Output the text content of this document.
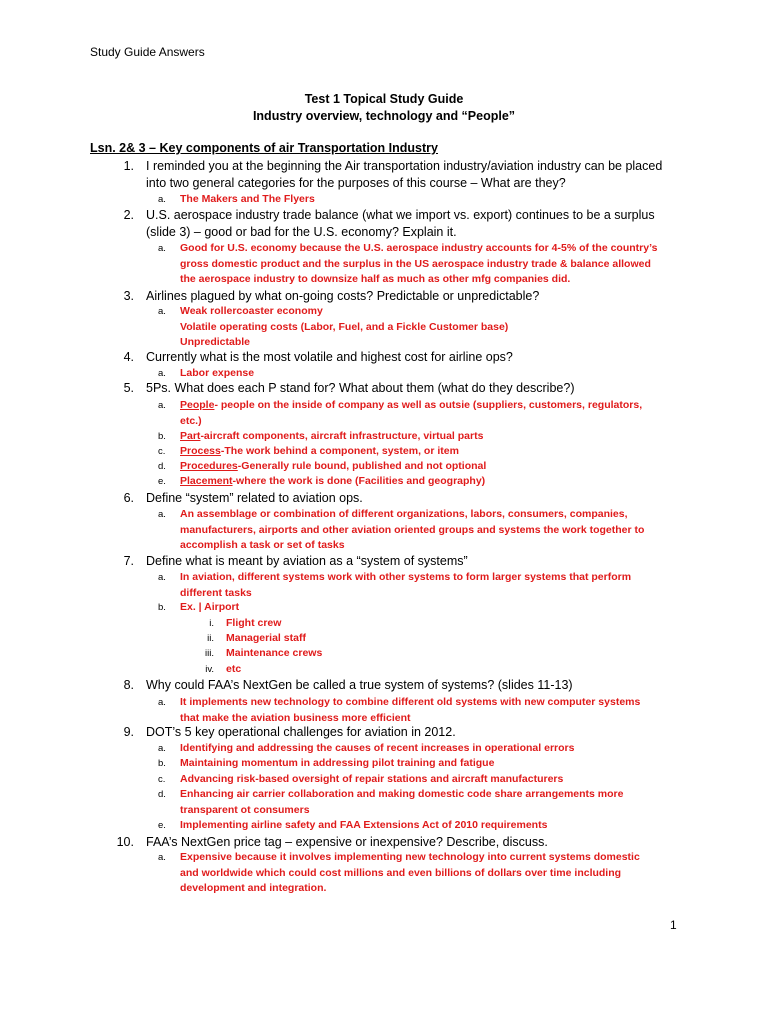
Study Guide Answers
Test 1 Topical Study Guide
Industry overview, technology and “People”
Lsn. 2& 3 – Key components of air Transportation Industry
1. I reminded you at the beginning the Air transportation industry/aviation industry can be placed
into two general categories for the purposes of this course – What are they?
a.	The Makers and The Flyers
2. U.S. aerospace industry trade balance (what we import vs. export) continues to be a surplus
(slide 3) – good or bad for the U.S. economy? Explain it.
a.	Good for U.S. economy because the U.S. aerospace industry accounts for 4-5% of the country’s
gross domestic product and the surplus in the US aerospace industry trade & balance allowed
the aerospace industry to downsize half as much as other mfg companies did.
3. Airlines plagued by what on-going costs? Predictable or unpredictable?
a.	Weak rollercoaster economy
Volatile operating costs (Labor, Fuel, and a Fickle Customer base)
Unpredictable
4. Currently what is the most volatile and highest cost for airline ops?
a.	Labor expense
5. 5Ps. What does each P stand for? What about them (what do they describe?)
a.	People- people on the inside of company as well as outsie (suppliers, customers, regulators,
etc.)
b.	Part-aircraft components, aircraft infrastructure, virtual parts
c.	Process-The work behind a component, system, or item
d.	Procedures-Generally rule bound, published and not optional
e.	Placement-where the work is done (Facilities and geography)
6. Define “system” related to aviation ops.
a.	An assemblage or combination of different organizations, labors, consumers, companies,
manufacturers, airports and other aviation oriented groups and systems the work together to
accomplish a task or set of tasks
7. Define what is meant by aviation as a “system of systems”
a.	In aviation, different systems work with other systems to form larger systems that perform
different tasks
b.	Ex. | Airport
i. Flight crew
ii. Managerial staff
iii. Maintenance crews
iv. etc
8. Why could FAA’s NextGen be called a true system of systems? (slides 11-13)
a.	It implements new technology to combine different old systems with new computer systems
that make the aviation business more efficient
9. DOT’s 5 key operational challenges for aviation in 2012.
a.	Identifying and addressing the causes of recent increases in operational errors
b.	Maintaining momentum in addressing pilot training and fatigue
c.	Advancing risk-based oversight of repair stations and aircraft manufacturers
d.	Enhancing air carrier collaboration and making domestic code share arrangements more
transparent ot consumers
e.	Implementing airline safety and FAA Extensions Act of 2010 requirements
10. FAA’s NextGen price tag – expensive or inexpensive? Describe, discuss.
a.	Expensive because it involves implementing new technology into current systems domestic
and worldwide which could cost millions and even billions of dollars over time including
development and integration.
1
